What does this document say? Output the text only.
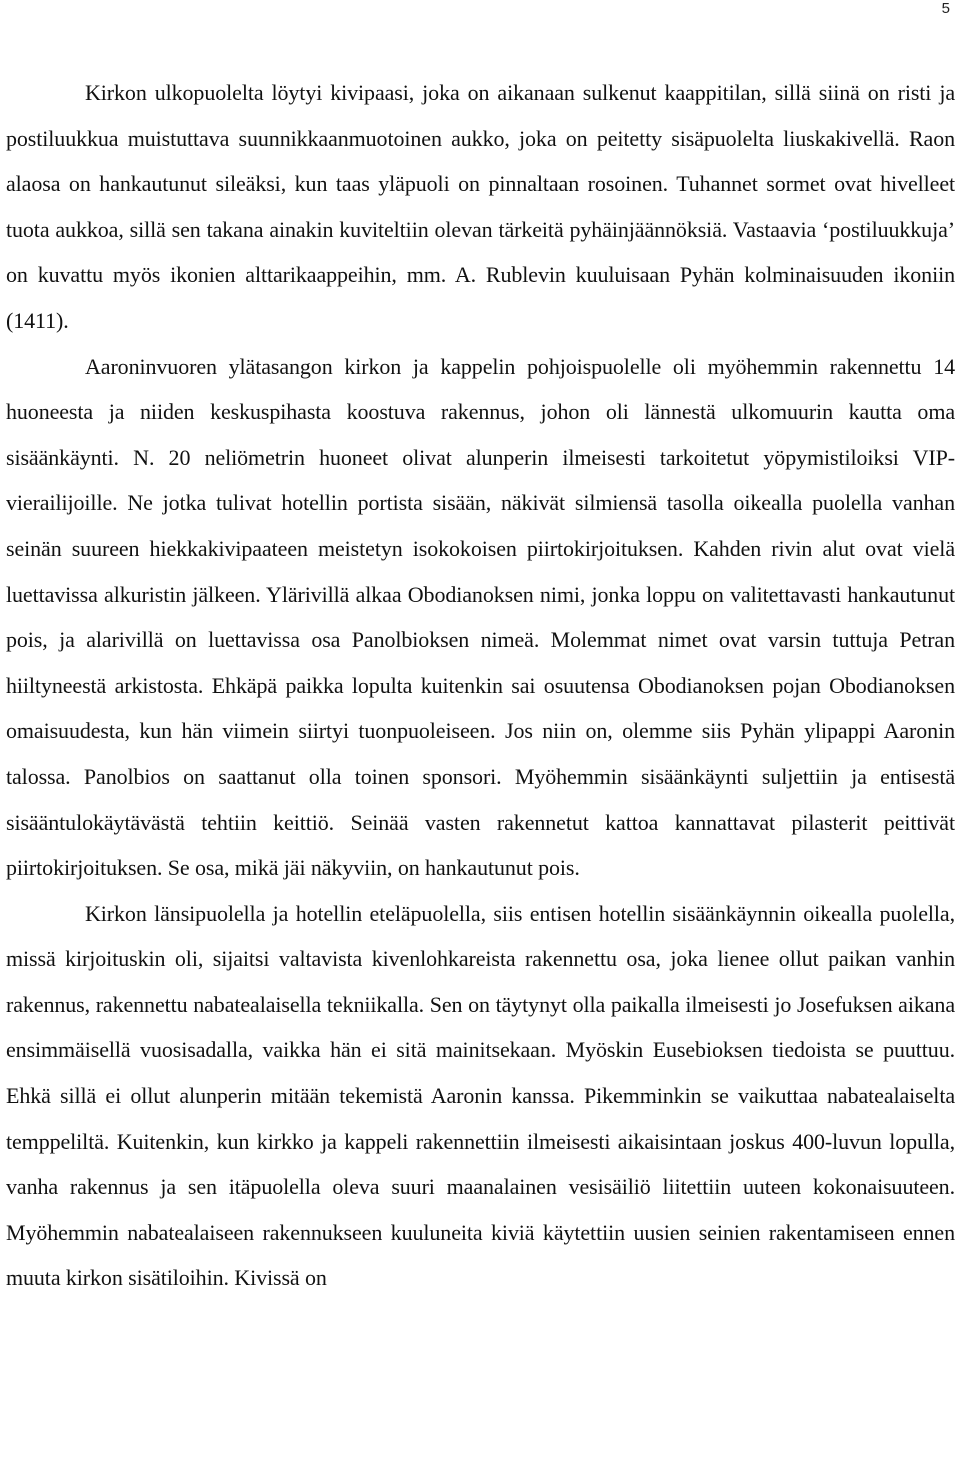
5

Kirkon ulkopuolelta löytyi kivipaasi, joka on aikanaan sulkenut kaappitilan, sillä siinä on risti ja postiluukkua muistuttava suunnikkaanmuotoinen aukko, joka on peitetty sisäpuolelta liuskakivellä. Raon alaosa on hankautunut sileäksi, kun taas yläpuoli on pinnaltaan rosoinen. Tuhannet sormet ovat hivelleet tuota aukkoa, sillä sen takana ainakin kuviteltiin olevan tärkeitä pyhäinjäännöksiä. Vastaavia ‘postiluukkuja’ on kuvattu myös ikonien alttarikaappeihin, mm. A. Rublevin kuuluisaan Pyhän kolminaisuuden ikoniin (1411).

Aaroninvuoren ylätasangon kirkon ja kappelin pohjoispuolelle oli myöhemmin rakennettu 14 huoneesta ja niiden keskuspihasta koostuva rakennus, johon oli lännestä ulkomuurin kautta oma sisäänkäynti. N. 20 neliömetrin huoneet olivat alunperin ilmeisesti tarkoitetut yöpymistiloiksi VIP-vierailijoille. Ne jotka tulivat hotellin portista sisään, näkivät silmiensä tasolla oikealla puolella vanhan seinän suureen hiekkakivipaateen meistetyn isokokoisen piirtokirjoituksen. Kahden rivin alut ovat vielä luettavissa alkuristin jälkeen. Ylärivillä alkaa Obodianoksen nimi, jonka loppu on valitettavasti hankautunut pois, ja alarivillä on luettavissa osa Panolbioksen nimeä. Molemmat nimet ovat varsin tuttuja Petran hiiltyneestä arkistosta. Ehkäpä paikka lopulta kuitenkin sai osuutensa Obodianoksen pojan Obodianoksen omaisuudesta, kun hän viimein siirtyi tuonpuoleiseen. Jos niin on, olemme siis Pyhän ylipappi Aaronin talossa. Panolbios on saattanut olla toinen sponsori. Myöhemmin sisäänkäynti suljettiin ja entisestä sisääntulokäytävästä tehtiin keittiö. Seinää vasten rakennetut kattoa kannattavat pilasterit peittivät piirtokirjoituksen. Se osa, mikä jäi näkyviin, on hankautunut pois.

Kirkon länsipuolella ja hotellin eteläpuolella, siis entisen hotellin sisäänkäynnin oikealla puolella, missä kirjoituskin oli, sijaitsi valtavista kivenlohkareista rakennettu osa, joka lienee ollut paikan vanhin rakennus, rakennettu nabatealaisella tekniikalla. Sen on täytynyt olla paikalla ilmeisesti jo Josefuksen aikana ensimmäisellä vuosisadalla, vaikka hän ei sitä mainitsekaan. Myöskin Eusebioksen tiedoista se puuttuu. Ehkä sillä ei ollut alunperin mitään tekemistä Aaronin kanssa. Pikemminkin se vaikuttaa nabatealaiselta temppeliltä. Kuitenkin, kun kirkko ja kappeli rakennettiin ilmeisesti aikaisintaan joskus 400-luvun lopulla, vanha rakennus ja sen itäpuolella oleva suuri maanalainen vesisäiliö liitettiin uuteen kokonaisuuteen. Myöhemmin nabatealaiseen rakennukseen kuuluneita kiviä käytettiin uusien seinien rakentamiseen ennen muuta kirkon sisätiloihin. Kivissä on
